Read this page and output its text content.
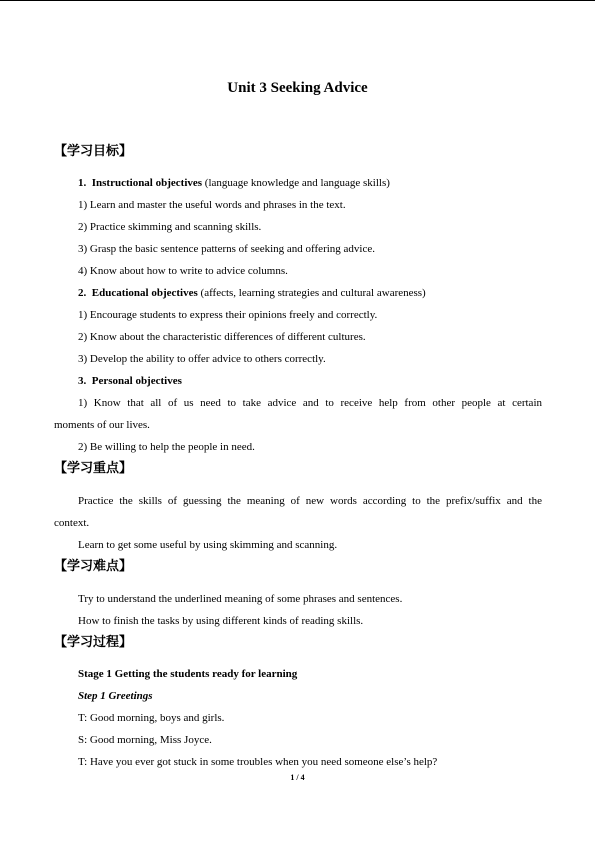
Unit 3 Seeking Advice
【学习目标】
1. Instructional objectives (language knowledge and language skills)
1) Learn and master the useful words and phrases in the text.
2) Practice skimming and scanning skills.
3) Grasp the basic sentence patterns of seeking and offering advice.
4) Know about how to write to advice columns.
2. Educational objectives (affects, learning strategies and cultural awareness)
1) Encourage students to express their opinions freely and correctly.
2) Know about the characteristic differences of different cultures.
3) Develop the ability to offer advice to others correctly.
3. Personal objectives
1) Know that all of us need to take advice and to receive help from other people at certain
moments of our lives.
2) Be willing to help the people in need.
【学习重点】
Practice the skills of guessing the meaning of new words according to the prefix/suffix and the
context.
Learn to get some useful by using skimming and scanning.
【学习难点】
Try to understand the underlined meaning of some phrases and sentences.
How to finish the tasks by using different kinds of reading skills.
【学习过程】
Stage 1 Getting the students ready for learning
Step 1 Greetings
T: Good morning, boys and girls.
S: Good morning, Miss Joyce.
T: Have you ever got stuck in some troubles when you need someone else’s help?
1 / 4
